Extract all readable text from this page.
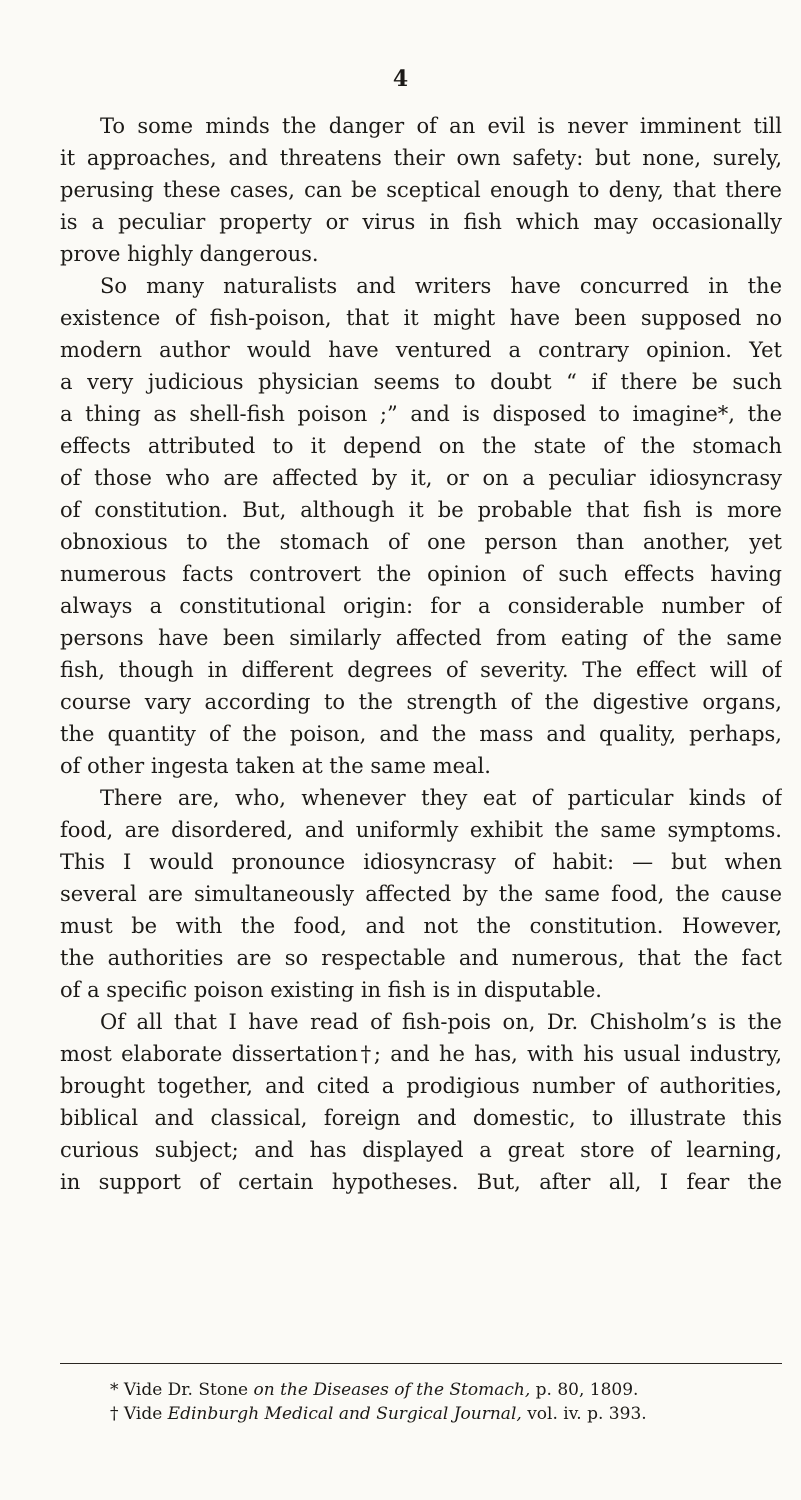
4
To some minds the danger of an evil is never imminent till
it approaches, and threatens their own safety: but none, surely,
perusing these cases, can be sceptical enough to deny, that there
is a peculiar property or virus in fish which may occasionally
prove highly dangerous.
So many naturalists and writers have concurred in the
existence of fish-poison, that it might have been supposed no
modern author would have ventured a contrary opinion. Yet
a very judicious physician seems to doubt “ if there be such
a thing as shell-fish poison ;” and is disposed to imagine*, the
effects attributed to it depend on the state of the stomach
of those who are affected by it, or on a peculiar idiosyncrasy
of constitution. But, although it be probable that fish is more
obnoxious to the stomach of one person than another, yet
numerous facts controvert the opinion of such effects having
always a constitutional origin: for a considerable number of
persons have been similarly affected from eating of the same
fish, though in different degrees of severity. The effect will of
course vary according to the strength of the digestive organs,
the quantity of the poison, and the mass and quality, perhaps,
of other ingesta taken at the same meal.
There are, who, whenever they eat of particular kinds of
food, are disordered, and uniformly exhibit the same symptoms.
This I would pronounce idiosyncrasy of habit: — but when
several are simultaneously affected by the same food, the cause
must be with the food, and not the constitution. However,
the authorities are so respectable and numerous, that the fact
of a specific poison existing in fish is in disputable.
Of all that I have read of fish-pois on, Dr. Chisholm’s is the
most elaborate dissertation†; and he has, with his usual industry,
brought together, and cited a prodigious number of authorities,
biblical and classical, foreign and domestic, to illustrate this
curious subject; and has displayed a great store of learning,
in support of certain hypotheses. But, after all, I fear the
* Vide Dr. Stone on the Diseases of the Stomach, p. 80, 1809.
† Vide Edinburgh Medical and Surgical Journal, vol. iv. p. 393.
